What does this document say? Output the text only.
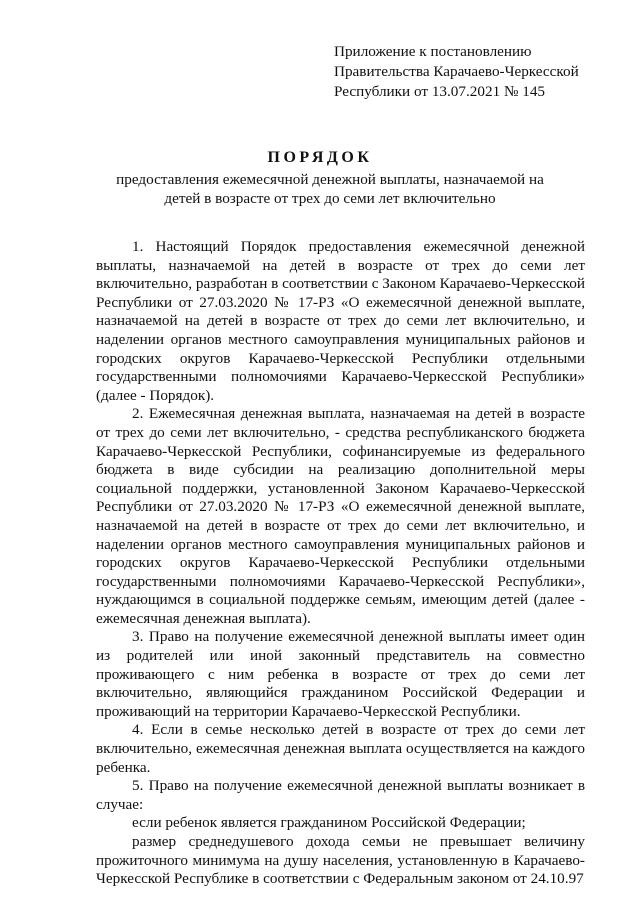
Приложение к постановлению
Правительства Карачаево-Черкесской
Республики от 13.07.2021 № 145
ПОРЯДОК
предоставления ежемесячной денежной выплаты, назначаемой на детей в возрасте от трех до семи лет включительно

1. Настоящий Порядок предоставления ежемесячной денежной выплаты, назначаемой на детей в возрасте от трех до семи лет включительно, разработан в соответствии с Законом Карачаево-Черкесской Республики от 27.03.2020 № 17-РЗ «О ежемесячной денежной выплате, назначаемой на детей в возрасте от трех до семи лет включительно, и наделении органов местного самоуправления муниципальных районов и городских округов Карачаево-Черкесской Республики отдельными государственными полномочиями Карачаево-Черкесской Республики» (далее - Порядок).

2. Ежемесячная денежная выплата, назначаемая на детей в возрасте от трех до семи лет включительно, - средства республиканского бюджета Карачаево-Черкесской Республики, софинансируемые из федерального бюджета в виде субсидии на реализацию дополнительной меры социальной поддержки, установленной Законом Карачаево-Черкесской Республики от 27.03.2020 № 17-РЗ «О ежемесячной денежной выплате, назначаемой на детей в возрасте от трех до семи лет включительно, и наделении органов местного самоуправления муниципальных районов и городских округов Карачаево-Черкесской Республики отдельными государственными полномочиями Карачаево-Черкесской Республики», нуждающимся в социальной поддержке семьям, имеющим детей (далее - ежемесячная денежная выплата).

3. Право на получение ежемесячной денежной выплаты имеет один из родителей или иной законный представитель на совместно проживающего с ним ребенка в возрасте от трех до семи лет включительно, являющийся гражданином Российской Федерации и проживающий на территории Карачаево-Черкесской Республики.

4. Если в семье несколько детей в возрасте от трех до семи лет включительно, ежемесячная денежная выплата осуществляется на каждого ребенка.

5. Право на получение ежемесячной денежной выплаты возникает в случае:

если ребенок является гражданином Российской Федерации;

размер среднедушевого дохода семьи не превышает величину прожиточного минимума на душу населения, установленную в Карачаево-Черкесской Республике в соответствии с Федеральным законом от 24.10.97
